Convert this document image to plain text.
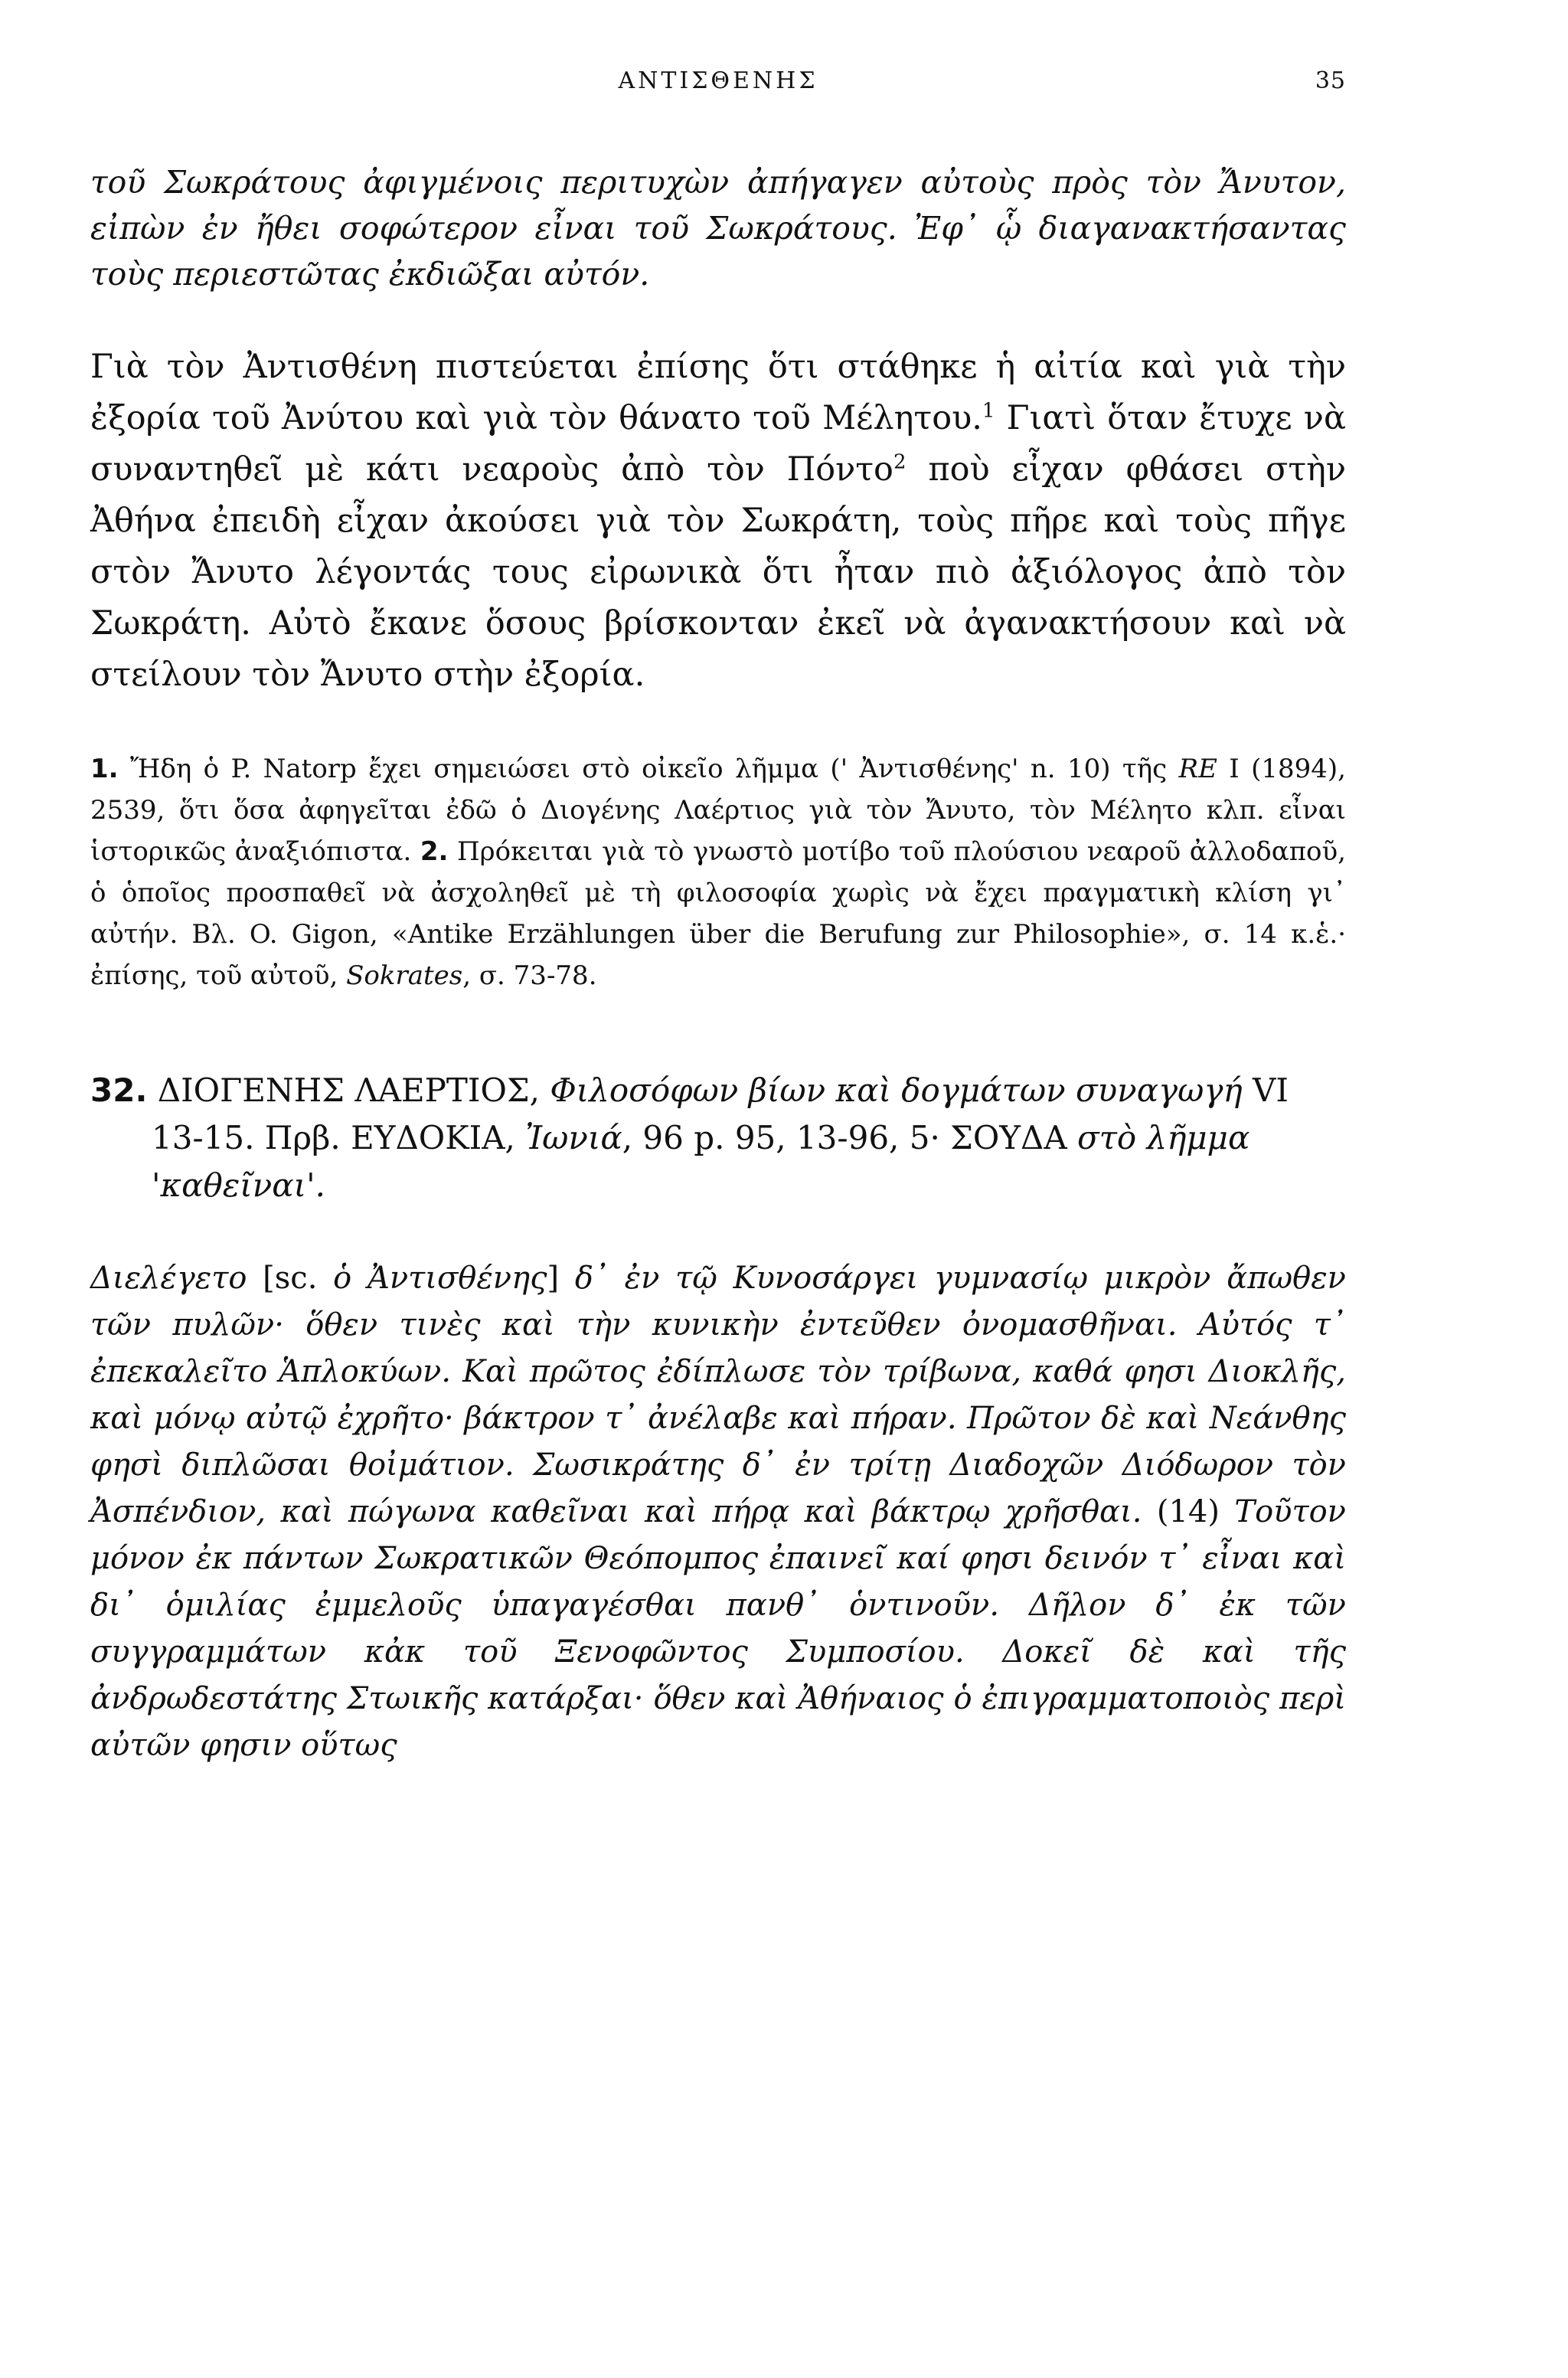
ΑΝΤΙΣΘΕΝΗΣ	35
τοῦ Σωκράτους ἀφιγμένοις περιτυχὼν ἀπήγαγεν αὐτοὺς πρὸς τὸν Ἄνυτον, εἰπὼν ἐν ἤθει σοφώτερον εἶναι τοῦ Σωκράτους. Ἐφ᾽ ᾧ διαγανακτήσαντας τοὺς περιεστῶτας ἐκδιῶξαι αὐτόν.
Γιὰ τὸν Ἀντισθένη πιστεύεται ἐπίσης ὅτι στάθηκε ἡ αἰτία καὶ γιὰ τὴν ἐξορία τοῦ Ἀνύτου καὶ γιὰ τὸν θάνατο τοῦ Μέλητου.$^1$ Γιατὶ ὅταν ἔτυχε νὰ συναντηθεῖ μὲ κάτι νεαροὺς ἀπὸ τὸν Πόντο$^2$ ποὺ εἶχαν φθάσει στὴν Ἀθήνα ἐπειδὴ εἶχαν ἀκούσει γιὰ τὸν Σωκράτη, τοὺς πῆρε καὶ τοὺς πῆγε στὸν Ἄνυτο λέγοντάς τους εἰρωνικὰ ὅτι ἦταν πιὸ ἀξιόλογος ἀπὸ τὸν Σωκράτη. Αὐτὸ ἔκανε ὅσους βρίσκονταν ἐκεῖ νὰ ἀγανακτήσουν καὶ νὰ στείλουν τὸν Ἄνυτο στὴν ἐξορία.
1. Ἤδη ὁ P. Natorp ἔχει σημειώσει στὸ οἰκεῖο λῆμμα (' Ἀντισθένης' n. 10) τῆς RE I (1894), 2539, ὅτι ὅσα ἀφηγεῖται ἐδῶ ὁ Διογένης Λαέρτιος γιὰ τὸν Ἄνυτο, τὸν Μέλητο κλπ. εἶναι ἱστορικῶς ἀναξιόπιστα. 2. Πρόκειται γιὰ τὸ γνωστὸ μοτίβο τοῦ πλούσιου νεαροῦ ἀλλοδαποῦ, ὁ ὁποῖος προσπαθεῖ νὰ ἀσχοληθεῖ μὲ τὴ φιλοσοφία χωρὶς νὰ ἔχει πραγματικὴ κλίση γι᾽ αὐτήν. Βλ. O. Gigon, «Antike Erzählungen über die Berufung zur Philosophie», σ. 14 κ.ἑ.· ἐπίσης, τοῦ αὐτοῦ, Sokrates, σ. 73-78.
32. ΔΙΟΓΕΝΗΣ ΛΑΕΡΤΙΟΣ, Φιλοσόφων βίων καὶ δογμάτων συναγωγή VI 13-15. Πρβ. ΕΥΔΟΚΙΑ, Ἰωνιά, 96 p. 95, 13-96, 5· ΣΟΥΔΑ στὸ λῆμμα 'καθεῖναι'.
Διελέγετο [sc. ὁ Ἀντισθένης] δ᾽ ἐν τῷ Κυνοσάργει γυμνασίῳ μικρὸν ἄπωθεν τῶν πυλῶν· ὅθεν τινὲς καὶ τὴν κυνικὴν ἐντεῦθεν ὀνομασθῆναι. Αὐτός τ᾽ ἐπεκαλεῖτο Ἁπλοκύων. Καὶ πρῶτος ἐδίπλωσε τὸν τρίβωνα, καθά φησι Διοκλῆς, καὶ μόνῳ αὐτῷ ἐχρῆτο· βάκτρον τ᾽ ἀνέλαβε καὶ πήραν. Πρῶτον δὲ καὶ Νεάνθης φησὶ διπλῶσαι θοἰμάτιον. Σωσικράτης δ᾽ ἐν τρίτῃ Διαδοχῶν Διόδωρον τὸν Ἀσπένδιον, καὶ πώγωνα καθεῖναι καὶ πήρᾳ καὶ βάκτρῳ χρῆσθαι. (14) Τοῦτον μόνον ἐκ πάντων Σωκρατικῶν Θεόπομπος ἐπαινεῖ καί φησι δεινόν τ᾽ εἶναι καὶ δι᾽ ὁμιλίας ἐμμελοῦς ὑπαγαγέσθαι πανθ᾽ ὁντινοῦν. Δῆλον δ᾽ ἐκ τῶν συγγραμμάτων κἀκ τοῦ Ξενοφῶντος Συμποσίου. Δοκεῖ δὲ καὶ τῆς ἀνδρωδεστάτης Στωικῆς κατάρξαι· ὅθεν καὶ Ἀθήναιος ὁ ἐπιγραμματοποιὸς περὶ αὐτῶν φησιν οὕτως
